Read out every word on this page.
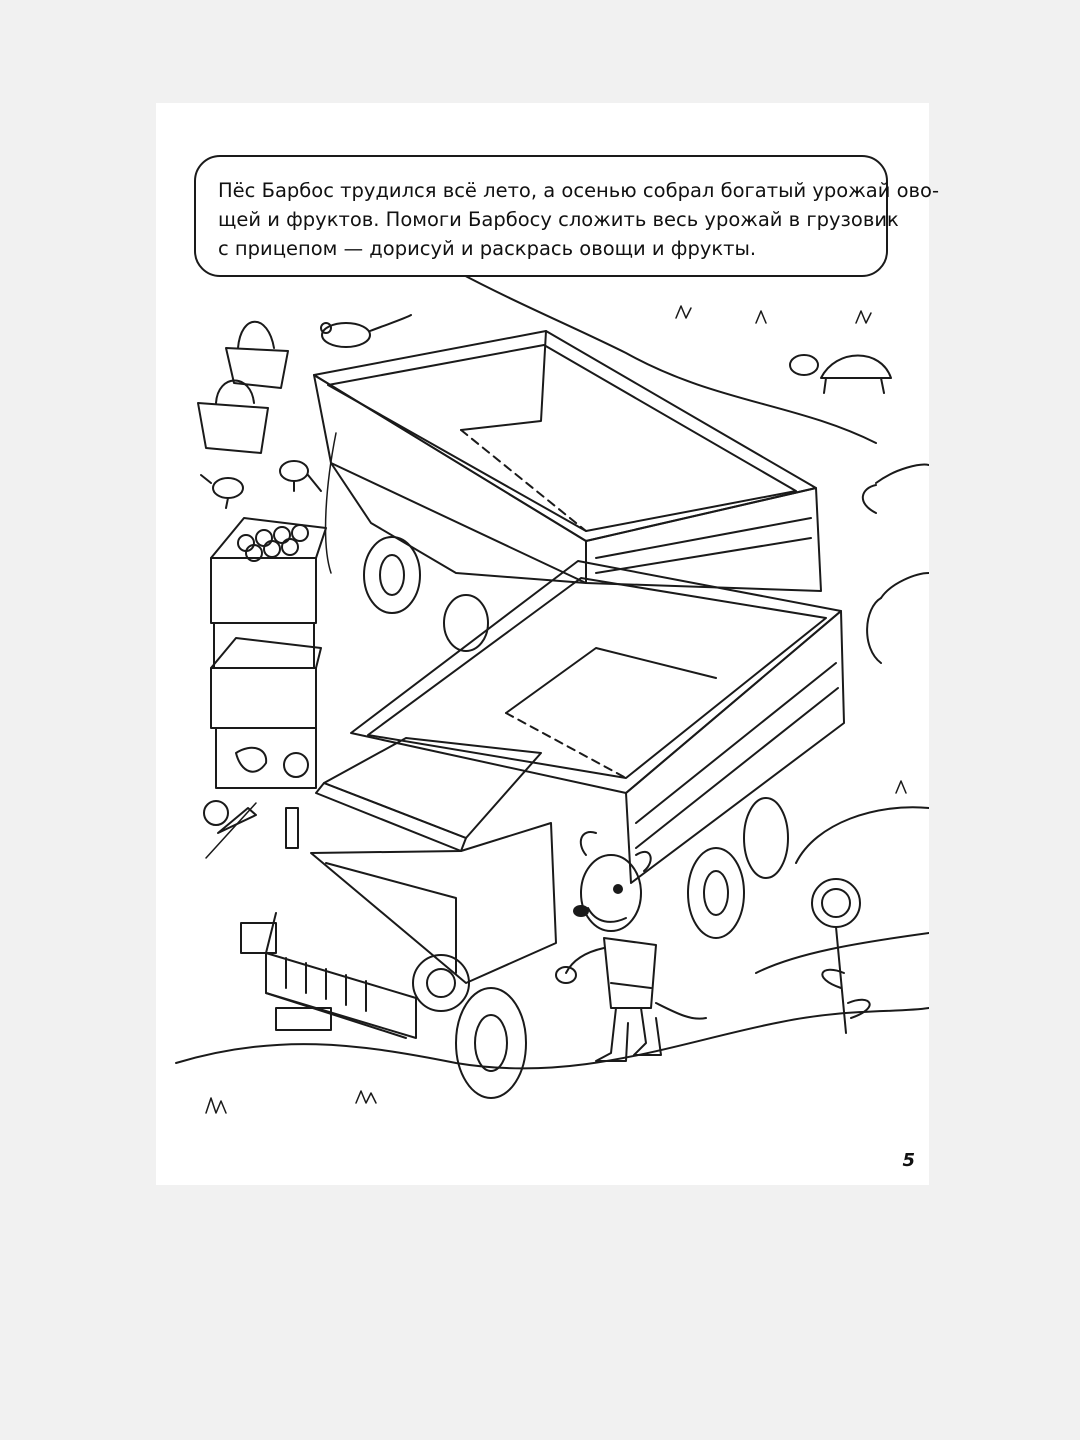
Пёс Барбос трудился всё лето, а осенью собрал богатый урожай ово-
щей и фруктов. Помоги Барбосу сложить весь урожай в грузовик
с прицепом — дорисуй и раскрась овощи и фрукты.
5
